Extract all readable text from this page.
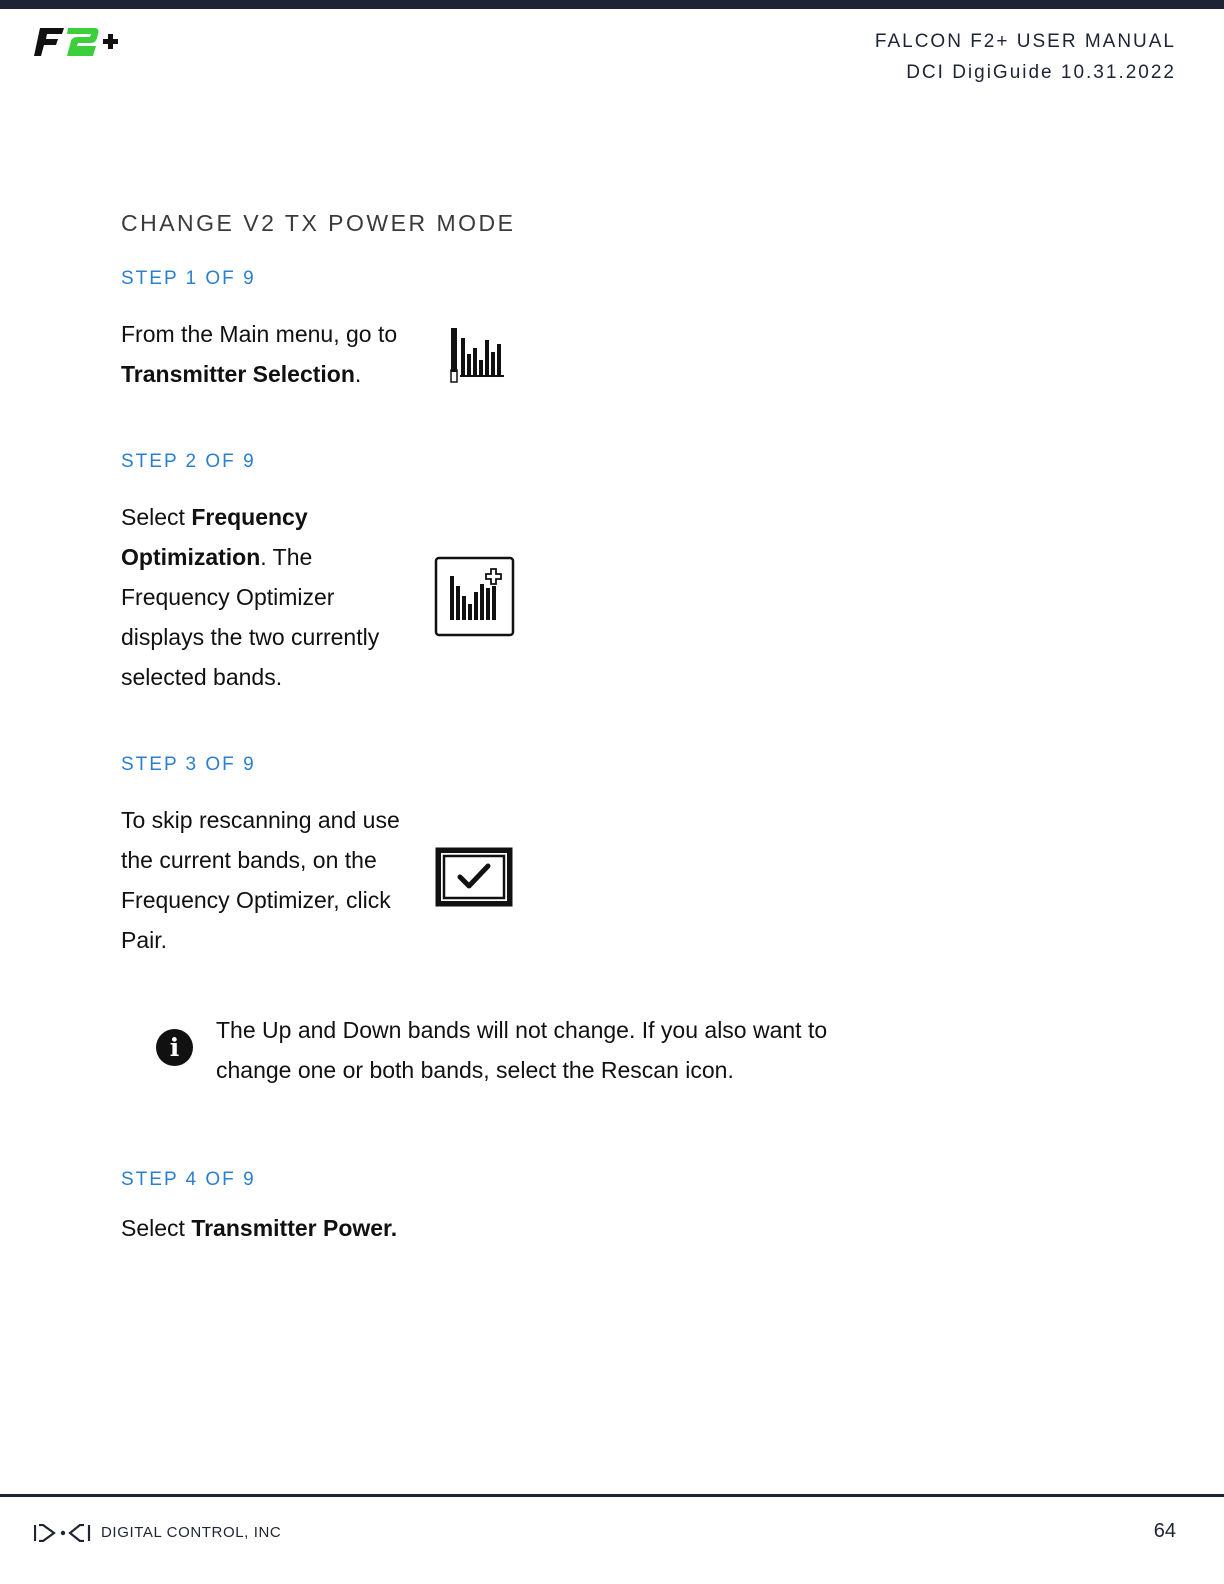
FALCON F2+ USER MANUAL
DCI DigiGuide 10.31.2022
CHANGE V2 TX POWER MODE
STEP 1 OF 9
From the Main menu, go to Transmitter Selection.
STEP 2 OF 9
Select Frequency Optimization. The Frequency Optimizer displays the two currently selected bands.
STEP 3 OF 9
To skip rescanning and use the current bands, on the Frequency Optimizer, click Pair.
i
The Up and Down bands will not change. If you also want to change one or both bands, select the Rescan icon.
STEP 4 OF 9
Select Transmitter Power.
DIGITAL CONTROL, INC	64
